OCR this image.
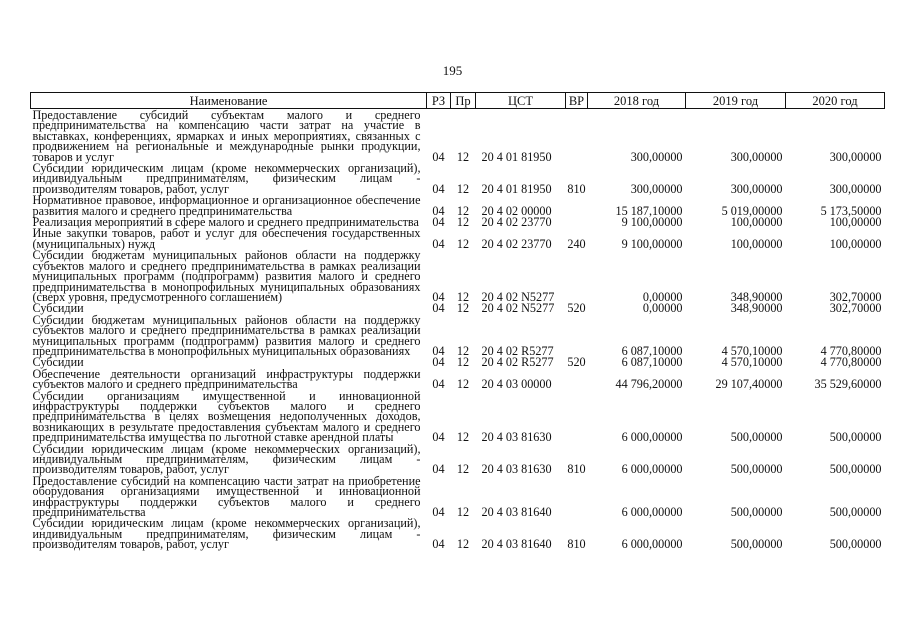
195
Наименование	РЗ	Пр	ЦСТ	ВР	2018 год	2019 год	2020 год
Предоставление субсидий субъектам малого и среднего предпринимательства на компенсацию части затрат на участие в выставках, конференциях, ярмарках и иных мероприятиях, связанных с продвижением на региональные и международные рынки продукции, товаров и услуг	04	12	20 4 01 81950		300,00000	300,00000	300,00000
Субсидии юридическим лицам (кроме некоммерческих организаций), индивидуальным предпринимателям, физическим лицам - производителям товаров, работ, услуг	04	12	20 4 01 81950	810	300,00000	300,00000	300,00000
Нормативное правовое, информационное и организационное обеспечение развития малого и среднего предпринимательства	04	12	20 4 02 00000		15 187,10000	5 019,00000	5 173,50000
Реализация мероприятий в сфере малого и среднего предпринимательства	04	12	20 4 02 23770		9 100,00000	100,00000	100,00000
Иные закупки товаров, работ и услуг для обеспечения государственных (муниципальных) нужд	04	12	20 4 02 23770	240	9 100,00000	100,00000	100,00000
Субсидии бюджетам муниципальных районов области на поддержку субъектов малого и среднего предпринимательства в рамках реализации муниципальных программ (подпрограмм) развития малого и среднего предпринимательства в монопрофильных муниципальных образованиях (сверх уровня, предусмотренного соглашением)	04	12	20 4 02 N5277		0,00000	348,90000	302,70000
Субсидии	04	12	20 4 02 N5277	520	0,00000	348,90000	302,70000
Субсидии бюджетам муниципальных районов области на поддержку субъектов малого и среднего предпринимательства в рамках реализации муниципальных программ (подпрограмм) развития малого и среднего предпринимательства в монопрофильных муниципальных образованиях	04	12	20 4 02 R5277		6 087,10000	4 570,10000	4 770,80000
Субсидии	04	12	20 4 02 R5277	520	6 087,10000	4 570,10000	4 770,80000
Обеспечение деятельности организаций инфраструктуры поддержки субъектов малого и среднего предпринимательства	04	12	20 4 03 00000		44 796,20000	29 107,40000	35 529,60000
Субсидии организациям имущественной и инновационной инфраструктуры поддержки субъектов малого и среднего предпринимательства в целях возмещения недополученных доходов, возникающих в результате предоставления субъектам малого и среднего предпринимательства имущества по льготной ставке арендной платы	04	12	20 4 03 81630		6 000,00000	500,00000	500,00000
Субсидии юридическим лицам (кроме некоммерческих организаций), индивидуальным предпринимателям, физическим лицам - производителям товаров, работ, услуг	04	12	20 4 03 81630	810	6 000,00000	500,00000	500,00000
Предоставление субсидий на компенсацию части затрат на приобретение оборудования организациями имущественной и инновационной инфраструктуры поддержки субъектов малого и среднего предпринимательства	04	12	20 4 03 81640		6 000,00000	500,00000	500,00000
Субсидии юридическим лицам (кроме некоммерческих организаций), индивидуальным предпринимателям, физическим лицам - производителям товаров, работ, услуг	04	12	20 4 03 81640	810	6 000,00000	500,00000	500,00000
